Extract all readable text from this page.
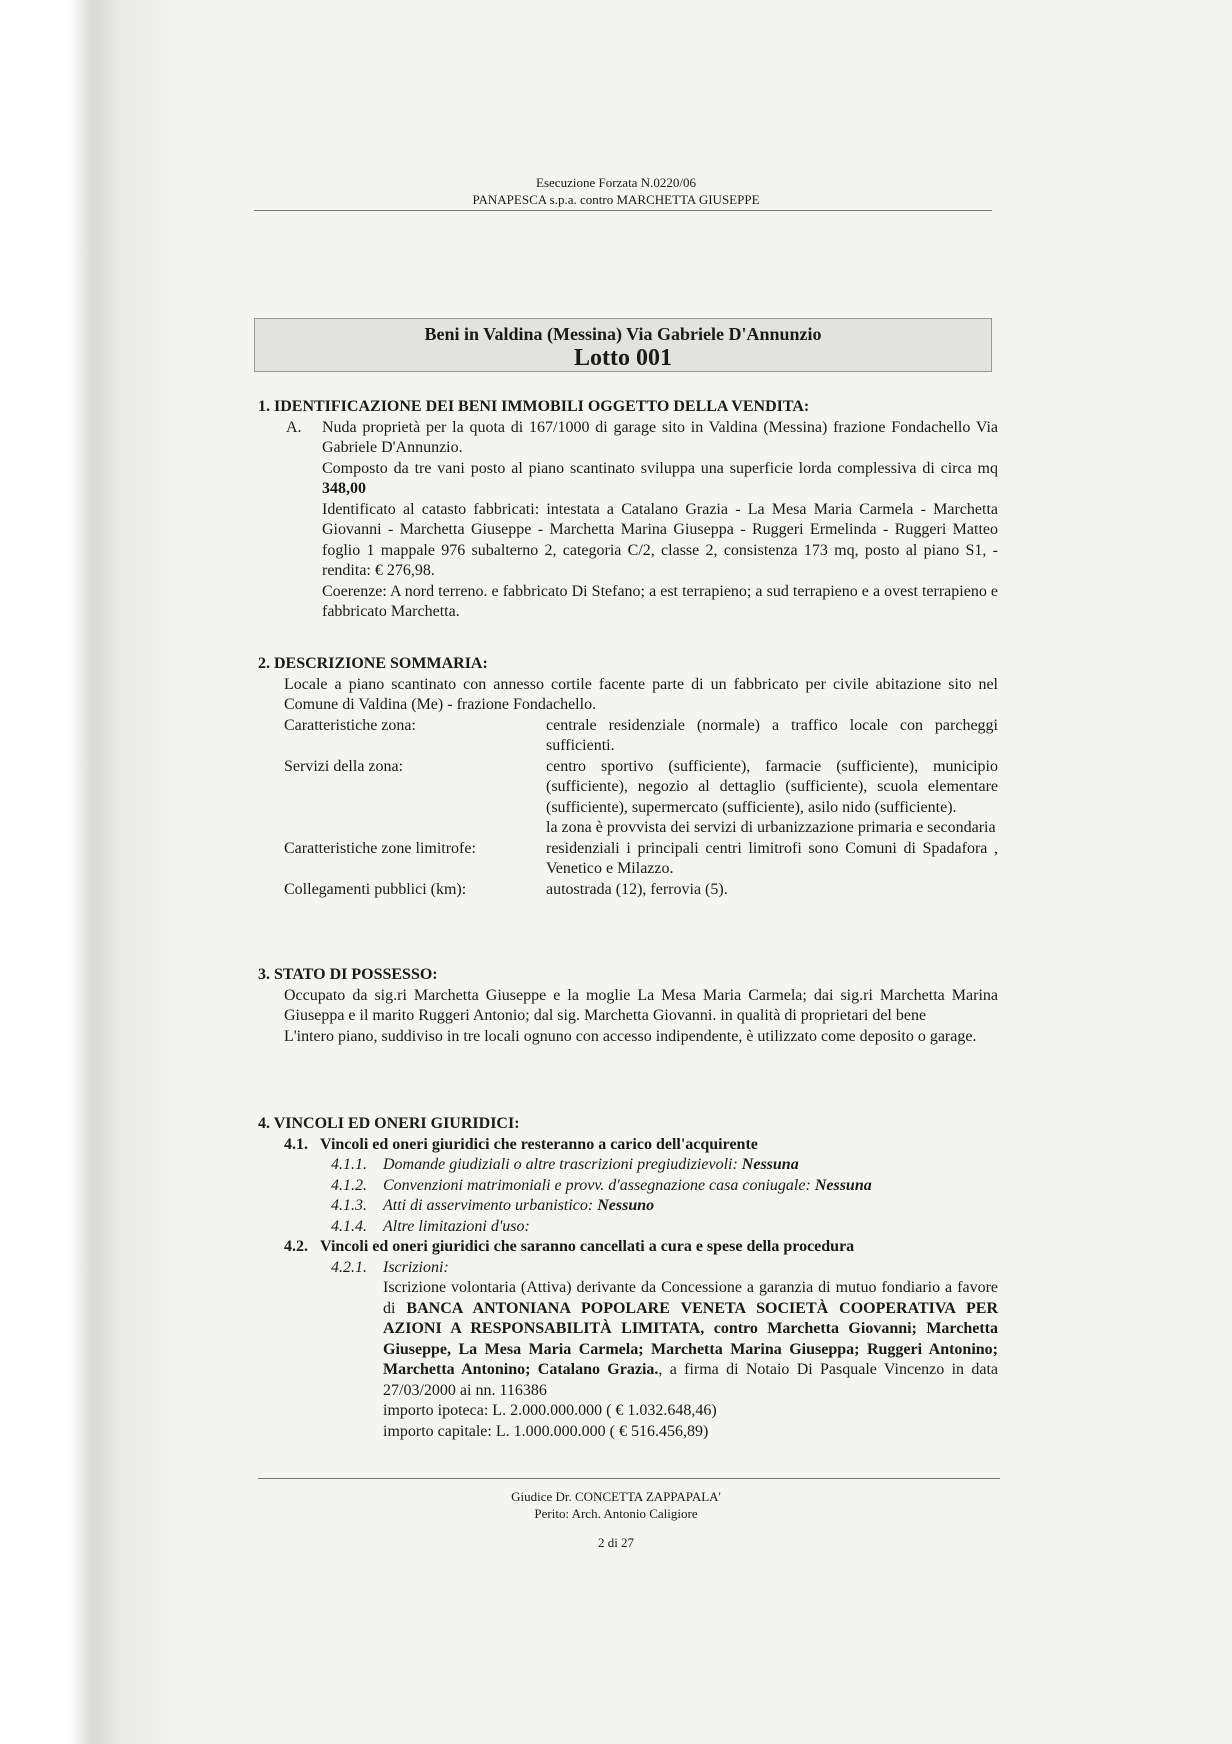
Esecuzione Forzata N.0220/06
PANAPESCA s.p.a. contro MARCHETTA GIUSEPPE
Beni in Valdina (Messina) Via Gabriele D'Annunzio
Lotto 001
1. IDENTIFICAZIONE DEI BENI IMMOBILI OGGETTO DELLA VENDITA:
A. Nuda proprietà per la quota di 167/1000 di garage sito in Valdina (Messina) frazione Fondachello Via Gabriele D'Annunzio.
Composto da tre vani posto al piano scantinato sviluppa una superficie lorda complessiva di circa mq 348,00
Identificato al catasto fabbricati: intestata a Catalano Grazia - La Mesa Maria Carmela - Marchetta Giovanni - Marchetta Giuseppe - Marchetta Marina Giuseppa - Ruggeri Ermelinda - Ruggeri Matteo foglio 1 mappale 976 subalterno 2, categoria C/2, classe 2, consistenza 173 mq, posto al piano S1, - rendita: € 276,98.
Coerenze: A nord terreno. e fabbricato Di Stefano; a est terrapieno; a sud terrapieno e a ovest terrapieno e fabbricato Marchetta.
2. DESCRIZIONE SOMMARIA:
Locale a piano scantinato con annesso cortile facente parte di un fabbricato per civile abitazione sito nel Comune di Valdina (Me) - frazione Fondachello.
Caratteristiche zona:	centrale residenziale (normale) a traffico locale con parcheggi sufficienti.
Servizi della zona:	centro sportivo (sufficiente), farmacie (sufficiente), municipio (sufficiente), negozio al dettaglio (sufficiente), scuola elementare (sufficiente), supermercato (sufficiente), asilo nido (sufficiente).
la zona è provvista dei servizi di urbanizzazione primaria e secondaria
Caratteristiche zone limitrofe:	residenziali i principali centri limitrofi sono Comuni di Spadafora , Venetico e Milazzo.
Collegamenti pubblici (km):	autostrada (12), ferrovia (5).
3. STATO DI POSSESSO:
Occupato da sig.ri Marchetta Giuseppe e la moglie La Mesa Maria Carmela; dai sig.ri Marchetta Marina Giuseppa e il marito Ruggeri Antonio; dal sig. Marchetta Giovanni. in qualità di proprietari del bene
L'intero piano, suddiviso in tre locali ognuno con accesso indipendente, è utilizzato come deposito o garage.
4. VINCOLI ED ONERI GIURIDICI:
4.1. Vincoli ed oneri giuridici che resteranno a carico dell'acquirente
4.1.1. Domande giudiziali o altre trascrizioni pregiudizievoli: Nessuna
4.1.2. Convenzioni matrimoniali e provv. d'assegnazione casa coniugale: Nessuna
4.1.3. Atti di asservimento urbanistico: Nessuno
4.1.4. Altre limitazioni d'uso:
4.2. Vincoli ed oneri giuridici che saranno cancellati a cura e spese della procedura
4.2.1. Iscrizioni:
Iscrizione volontaria (Attiva) derivante da Concessione a garanzia di mutuo fondiario a favore di BANCA ANTONIANA POPOLARE VENETA SOCIETÀ COOPERATIVA PER AZIONI A RESPONSABILITÀ LIMITATA, contro Marchetta Giovanni; Marchetta Giuseppe, La Mesa Maria Carmela; Marchetta Marina Giuseppa; Ruggeri Antonino; Marchetta Antonino; Catalano Grazia., a firma di Notaio Di Pasquale Vincenzo in data 27/03/2000 ai nn. 116386
importo ipoteca: L. 2.000.000.000 ( € 1.032.648,46)
importo capitale: L. 1.000.000.000 ( € 516.456,89)
Giudice Dr. CONCETTA ZAPPAPALA'
Perito: Arch. Antonio Caligiore
2 di 27
